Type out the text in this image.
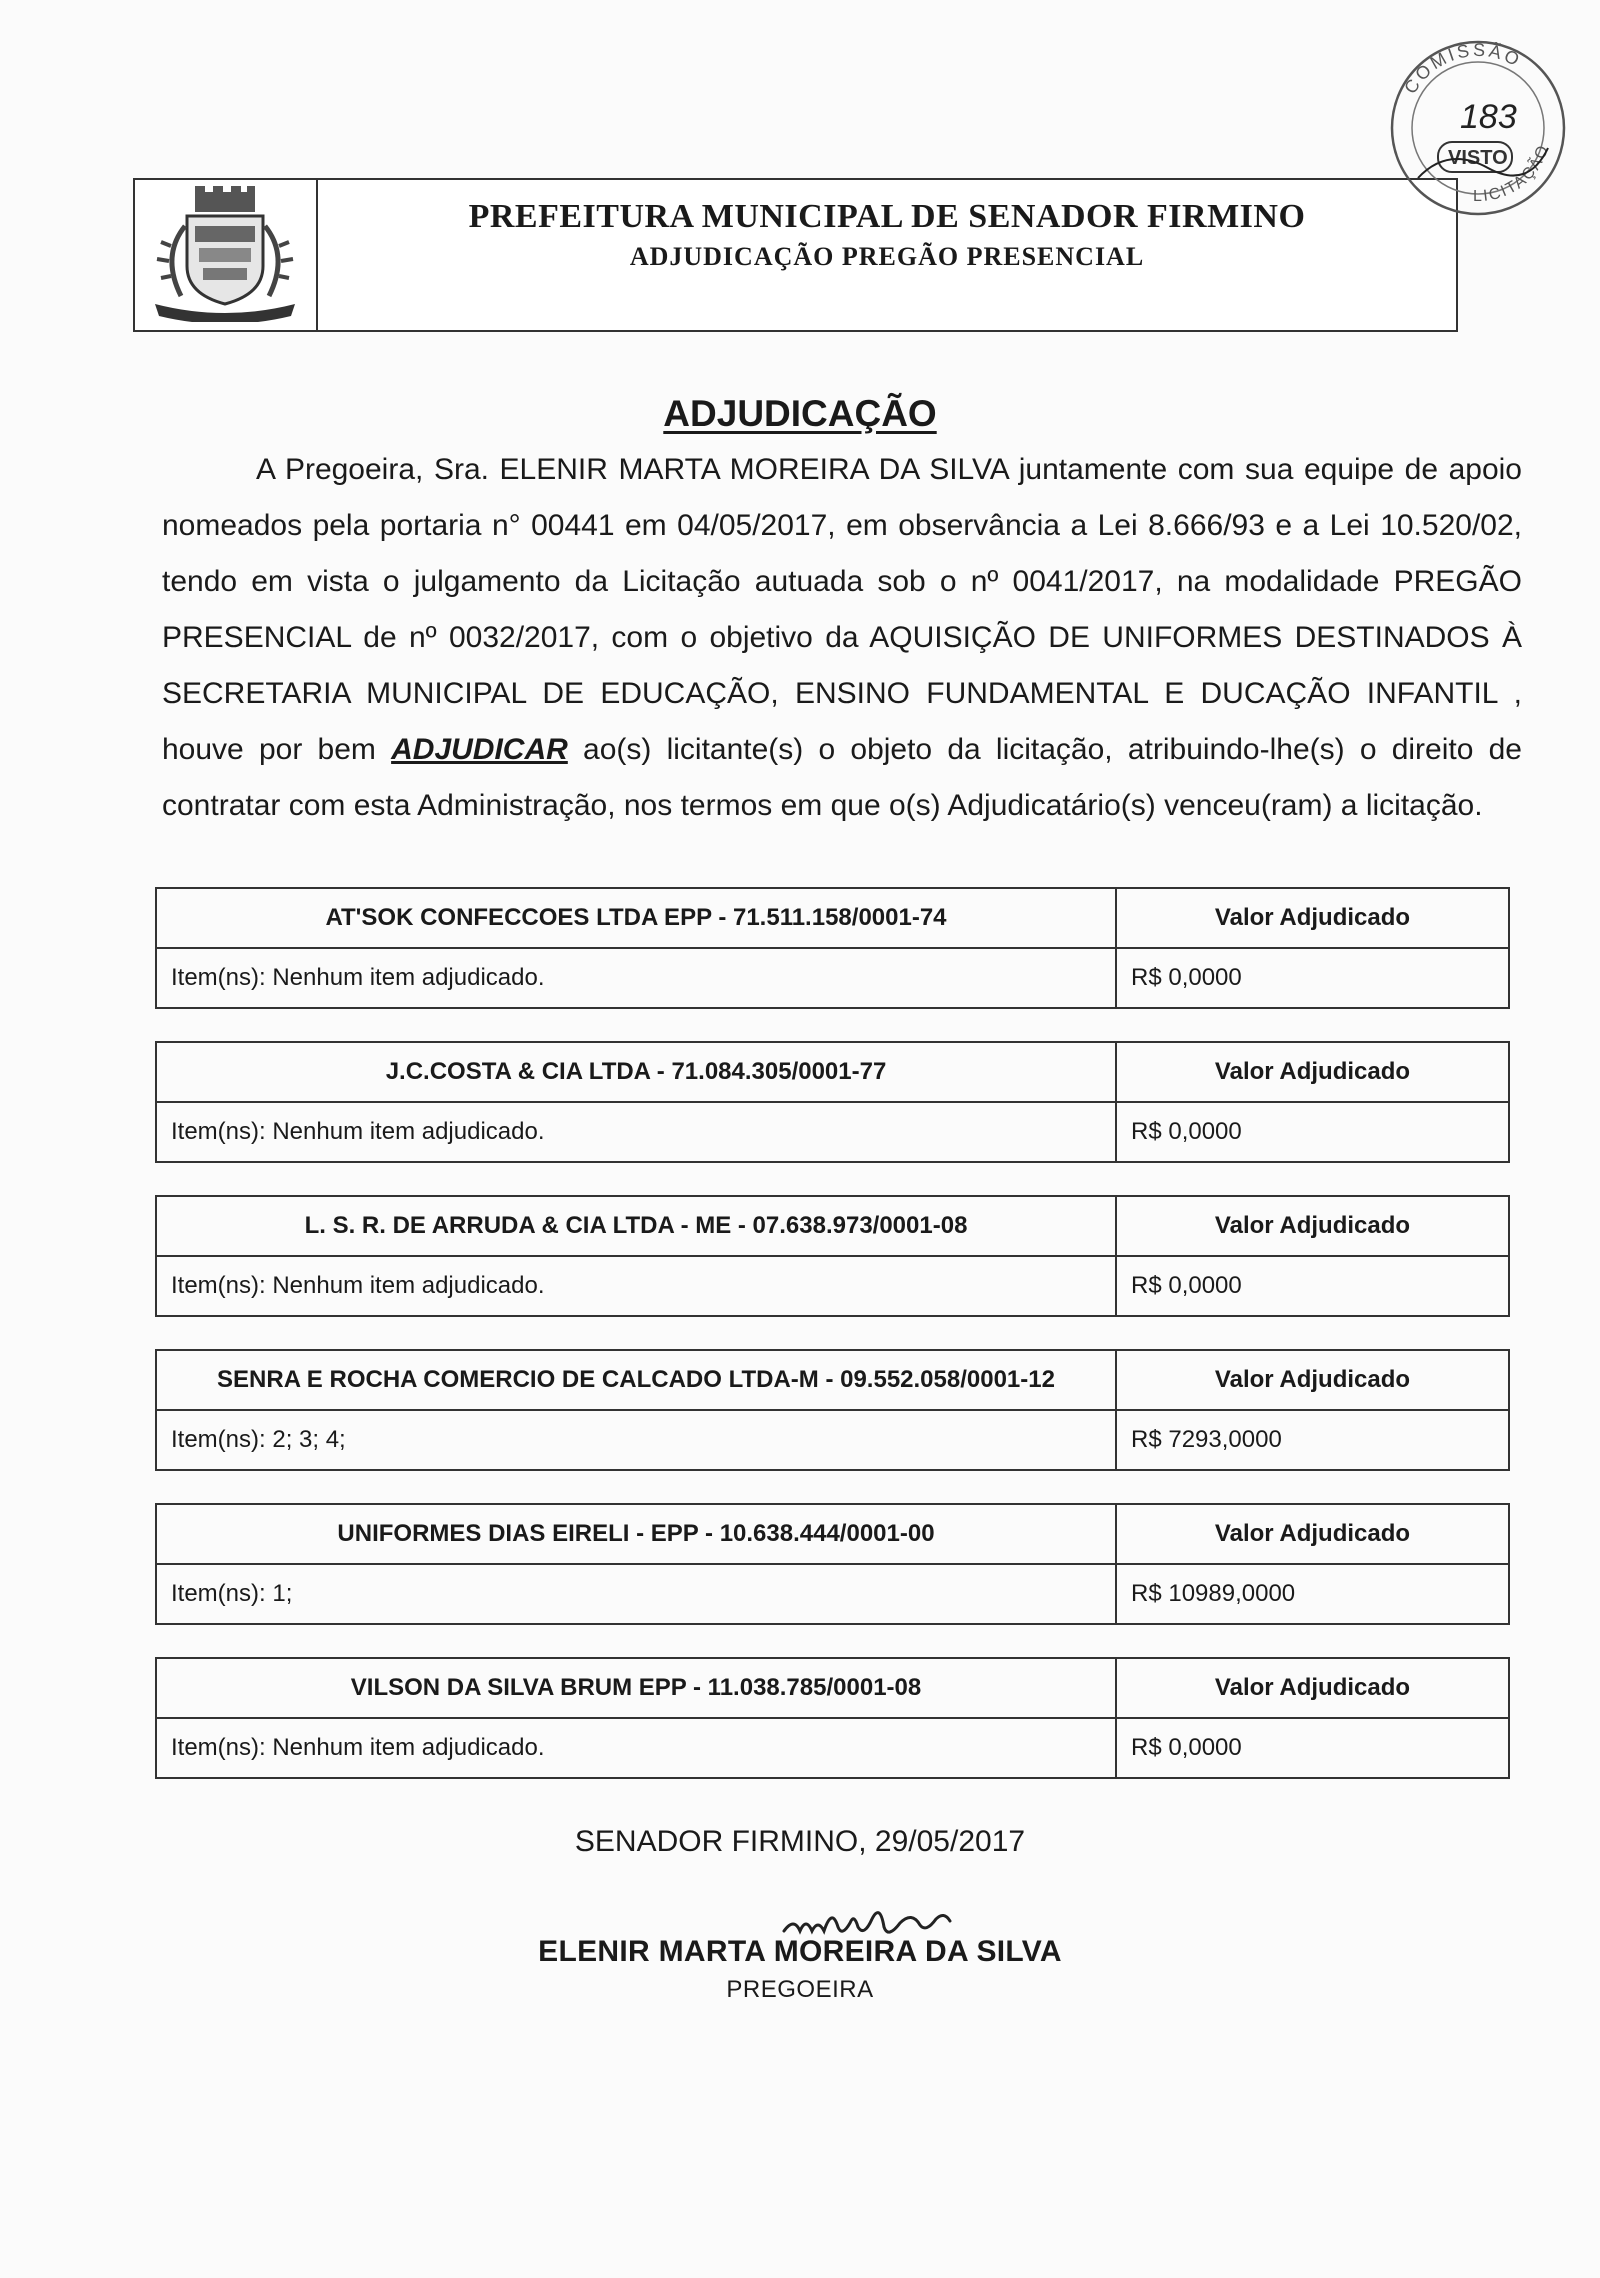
PREFEITURA MUNICIPAL DE SENADOR FIRMINO
ADJUDICAÇÃO PREGÃO PRESENCIAL
COMISSÃO
183
VISTO
LICITAÇÃO
ADJUDICAÇÃO

A Pregoeira, Sra. ELENIR MARTA MOREIRA DA SILVA juntamente com sua equipe de apoio nomeados pela portaria n° 00441 em 04/05/2017, em observância a Lei 8.666/93 e a Lei 10.520/02, tendo em vista o julgamento da Licitação autuada sob o nº 0041/2017, na modalidade PREGÃO PRESENCIAL de nº 0032/2017, com o objetivo da AQUISIÇÃO DE UNIFORMES DESTINADOS À SECRETARIA MUNICIPAL DE EDUCAÇÃO, ENSINO FUNDAMENTAL E DUCAÇÃO INFANTIL , houve por bem ADJUDICAR ao(s) licitante(s) o objeto da licitação, atribuindo-lhe(s) o direito de contratar com esta Administração, nos termos em que o(s) Adjudicatário(s) venceu(ram) a licitação.

AT'SOK CONFECCOES LTDA EPP - 71.511.158/0001-74	Valor Adjudicado
Item(ns): Nenhum item adjudicado.	R$ 0,0000
J.C.COSTA & CIA LTDA - 71.084.305/0001-77	Valor Adjudicado
Item(ns): Nenhum item adjudicado.	R$ 0,0000
L. S. R. DE ARRUDA & CIA LTDA - ME - 07.638.973/0001-08	Valor Adjudicado
Item(ns): Nenhum item adjudicado.	R$ 0,0000
SENRA E ROCHA COMERCIO DE CALCADO LTDA-M - 09.552.058/0001-12	Valor Adjudicado
Item(ns): 2; 3; 4;	R$ 7293,0000
UNIFORMES DIAS EIRELI - EPP - 10.638.444/0001-00	Valor Adjudicado
Item(ns): 1;	R$ 10989,0000
VILSON DA SILVA BRUM EPP - 11.038.785/0001-08	Valor Adjudicado
Item(ns): Nenhum item adjudicado.	R$ 0,0000
SENADOR FIRMINO, 29/05/2017
ELENIR MARTA MOREIRA DA SILVA
PREGOEIRA
